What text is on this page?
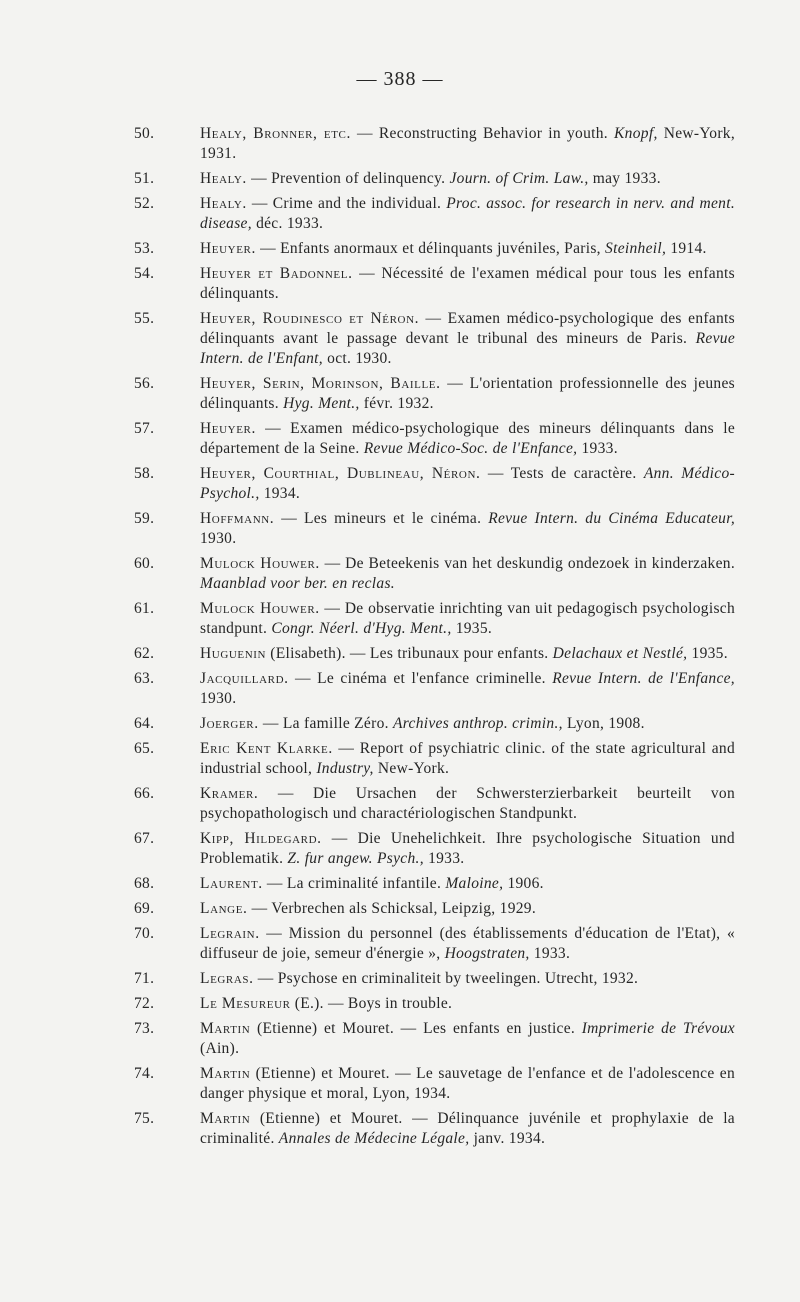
— 388 —
50.	Healy, Bronner, etc. — Reconstructing Behavior in youth. Knopf, New-York, 1931.
51.	Healy. — Prevention of delinquency. Journ. of Crim. Law., may 1933.
52.	Healy. — Crime and the individual. Proc. assoc. for research in nerv. and ment. disease, déc. 1933.
53.	Heuyer. — Enfants anormaux et délinquants juvéniles, Paris, Steinheil, 1914.
54.	Heuyer et Badonnel. — Nécessité de l'examen médical pour tous les enfants délinquants.
55.	Heuyer, Roudinesco et Néron. — Examen médico-psychologique des enfants délinquants avant le passage devant le tribunal des mineurs de Paris. Revue Intern. de l'Enfant, oct. 1930.
56.	Heuyer, Serin, Morinson, Baille. — L'orientation professionnelle des jeunes délinquants. Hyg. Ment., févr. 1932.
57.	Heuyer. — Examen médico-psychologique des mineurs délinquants dans le département de la Seine. Revue Médico-Soc. de l'Enfance, 1933.
58.	Heuyer, Courthial, Dublineau, Néron. — Tests de caractère. Ann. Médico-Psychol., 1934.
59.	Hoffmann. — Les mineurs et le cinéma. Revue Intern. du Cinéma Educateur, 1930.
60.	Mulock Houwer. — De Beteekenis van het deskundig ondezoek in kinderzaken. Maanblad voor ber. en reclas.
61.	Mulock Houwer. — De observatie inrichting van uit pedagogisch psychologisch standpunt. Congr. Néerl. d'Hyg. Ment., 1935.
62.	Huguenin (Elisabeth). — Les tribunaux pour enfants. Delachaux et Nestlé, 1935.
63.	Jacquillard. — Le cinéma et l'enfance criminelle. Revue Intern. de l'Enfance, 1930.
64.	Joerger. — La famille Zéro. Archives anthrop. crimin., Lyon, 1908.
65.	Eric Kent Klarke. — Report of psychiatric clinic. of the state agricultural and industrial school, Industry, New-York.
66.	Kramer. — Die Ursachen der Schwersterzierbarkeit beurteilt von psychopathologisch und charactériologischen Standpunkt.
67.	Kipp, Hildegard. — Die Unehelichkeit. Ihre psychologische Situation und Problematik. Z. fur angew. Psych., 1933.
68.	Laurent. — La criminalité infantile. Maloine, 1906.
69.	Lange. — Verbrechen als Schicksal, Leipzig, 1929.
70.	Legrain. — Mission du personnel (des établissements d'éducation de l'Etat), « diffuseur de joie, semeur d'énergie », Hoogstraten, 1933.
71.	Legras. — Psychose en criminaliteit by tweelingen. Utrecht, 1932.
72.	Le Mesureur (E.). — Boys in trouble.
73.	Martin (Etienne) et Mouret. — Les enfants en justice. Imprimerie de Trévoux (Ain).
74.	Martin (Etienne) et Mouret. — Le sauvetage de l'enfance et de l'adolescence en danger physique et moral, Lyon, 1934.
75.	Martin (Etienne) et Mouret. — Délinquance juvénile et prophylaxie de la criminalité. Annales de Médecine Légale, janv. 1934.
